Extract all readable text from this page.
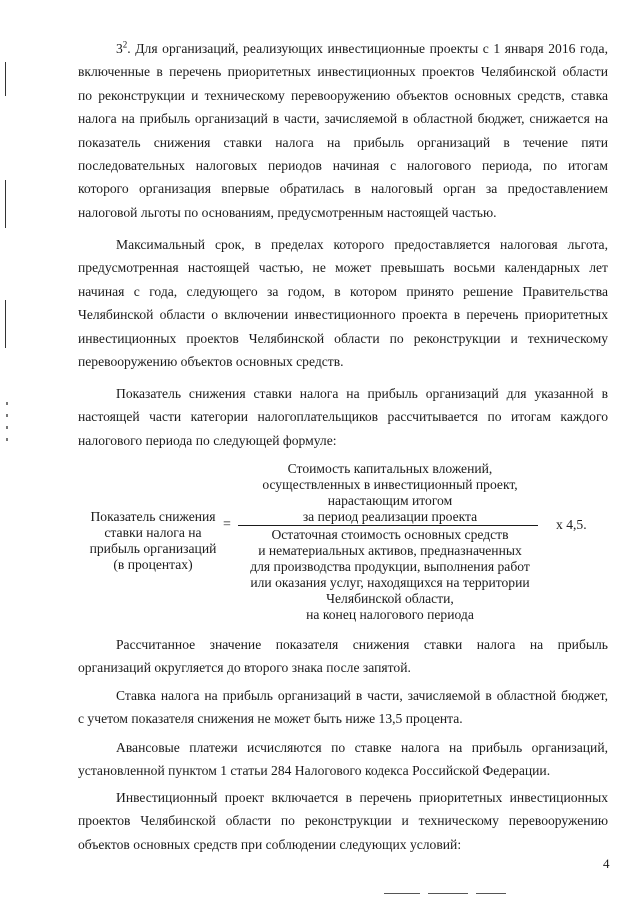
$3^2$. Для организаций, реализующих инвестиционные проекты с 1 января 2016 года,
включенные в перечень приоритетных инвестиционных проектов Челябинской области
по реконструкции и техническому перевооружению объектов основных средств, ставка
налога на прибыль организаций в части, зачисляемой в областной бюджет, снижается на
показатель снижения ставки налога на прибыль организаций в течение пяти
последовательных налоговых периодов начиная с налогового периода, по итогам
которого организация впервые обратилась в налоговый орган за предоставлением
налоговой льготы по основаниям, предусмотренным настоящей частью.
Максимальный срок, в пределах которого предоставляется налоговая льгота,
предусмотренная настоящей частью, не может превышать восьми календарных лет
начиная с года, следующего за годом, в котором принято решение Правительства
Челябинской области о включении инвестиционного проекта в перечень приоритетных
инвестиционных проектов Челябинской области по реконструкции и техническому
перевооружению объектов основных средств.
Показатель снижения ставки налога на прибыль организаций для указанной в
настоящей части категории налогоплательщиков рассчитывается по итогам каждого
налогового периода по следующей формуле:
Показатель снижения
ставки налога на
прибыль организаций
(в процентах)
=
Стоимость капитальных вложений,
осуществленных в инвестиционный проект,
нарастающим итогом
за период реализации проекта
Остаточная стоимость основных средств
и нематериальных активов, предназначенных
для производства продукции, выполнения работ
или оказания услуг, находящихся на территории
Челябинской области,
на конец налогового периода
x 4,5.
Рассчитанное значение показателя снижения ставки налога на прибыль
организаций округляется до второго знака после запятой.
Ставка налога на прибыль организаций в части, зачисляемой в областной бюджет,
с учетом показателя снижения не может быть ниже 13,5 процента.
Авансовые платежи исчисляются по ставке налога на прибыль организаций,
установленной пунктом 1 статьи 284 Налогового кодекса Российской Федерации.
Инвестиционный проект включается в перечень приоритетных инвестиционных
проектов Челябинской области по реконструкции и техническому перевооружению
объектов основных средств при соблюдении следующих условий:
4
